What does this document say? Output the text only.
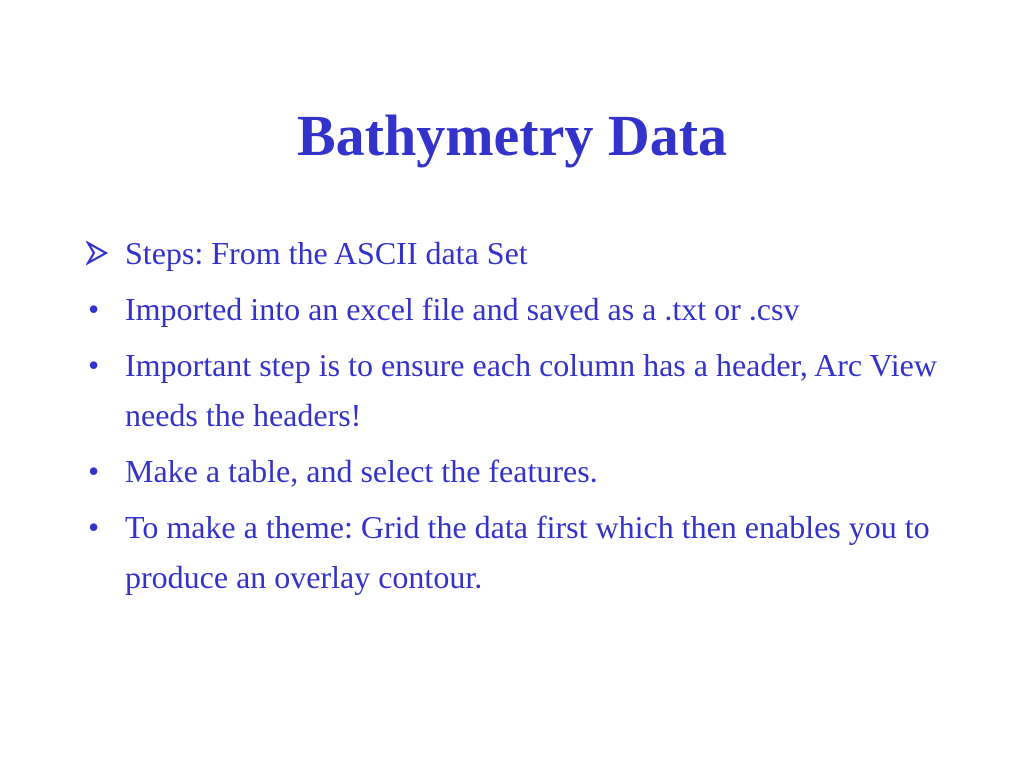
Bathymetry Data
Steps: From the ASCII data Set
• Imported into an excel file and saved as a .txt or .csv
• Important step is to ensure each column has a header, Arc View needs the headers!
• Make a table, and select the features.
• To make a theme: Grid the data first which then enables you to produce an overlay contour.
